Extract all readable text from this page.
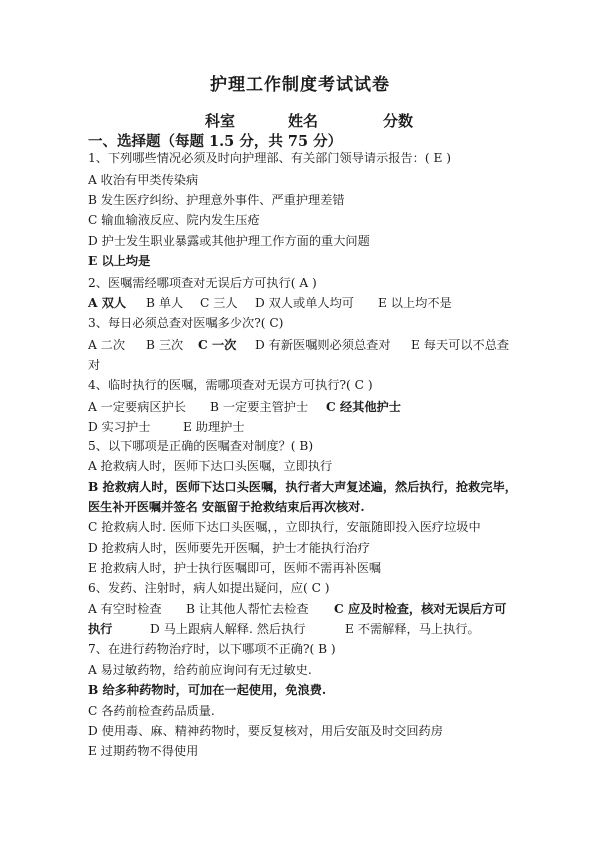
护理工作制度考试试卷
科室	姓名	分数
一、选择题（每题 1.5 分，共 75 分）
1、下列哪些情况必须及时向护理部、有关部门领导请示报告：( E )
A 收治有甲类传染病
B 发生医疗纠纷、护理意外事件、严重护理差错
C 输血输液反应、院内发生压疮
D 护士发生职业暴露或其他护理工作方面的重大问题
E 以上均是
2、医嘱需经哪项查对无误后方可执行( A )
A 双人 B 单人 C 三人 D 双人或单人均可 E 以上均不是
3、每日必须总查对医嘱多少次?( C)
A 二次 B 三次 C 一次 D 有新医嘱则必须总查对 E 每天可以不总查
对
4、临时执行的医嘱，需哪项查对无误方可执行?( C )
A 一定要病区护长 B 一定要主管护士 C 经其他护士
D 实习护士	E 助理护士
5、以下哪项是正确的医嘱查对制度？( B)
A 抢救病人时，医师下达口头医嘱，立即执行
B 抢救病人时，医师下达口头医嘱，执行者大声复述遍，然后执行，抢救完毕，
医生补开医嘱并签名 安瓿留于抢救结束后再次核对.
C 抢救病人时. 医师下达口头医嘱，，立即执行，安瓿随即投入医疗垃圾中
D 抢救病人时，医师要先开医嘱，护士才能执行治疗
E 抢救病人时，护士执行医嘱即可，医师不需再补医嘱
6、发药、注射时，病人如提出疑问，应( C )
A 有空时检查 B 让其他人帮忙去检查 C 应及时检查，核对无误后方可
执行	D 马上跟病人解释. 然后执行	E 不需解释，马上执行。
7、在进行药物治疗时，以下哪项不正确?( B )
A 易过敏药物，给药前应询问有无过敏史.
B 给多种药物时，可加在一起使用，免浪费.
C 各药前检查药品质量.
D 使用毒、麻、精神药物时，要反复核对，用后安瓿及时交回药房
E 过期药物不得使用
